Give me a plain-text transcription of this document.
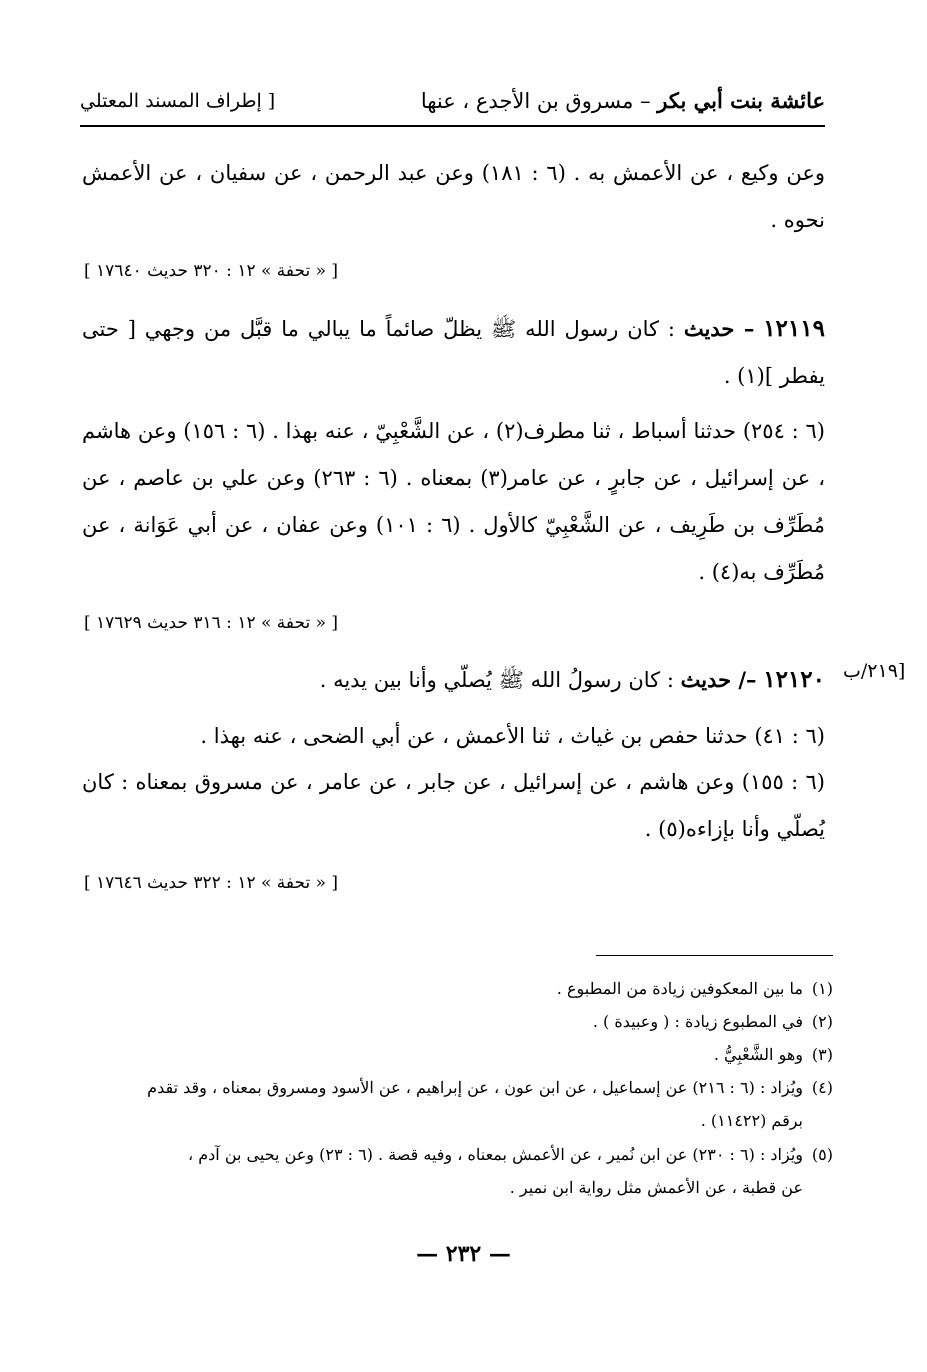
عائشة بنت أبي بكر – مسروق بن الأجدع ، عنها
[ إطراف المسند المعتلي
وعن وكيع ، عن الأعمش به . (٦ : ١٨١) وعن عبد الرحمن ، عن سفيان ، عن الأعمش نحوه .
[ « تحفة » ١٢ : ٣٢٠ حديث ١٧٦٤٠ ]
١٢١١٩ – حديث : كان رسول الله ﷺ يظلّ صائماً ما يبالي ما قبَّل من وجهي [ حتى يفطر ](١) .
(٦ : ٢٥٤) حدثنا أسباط ، ثنا مطرف(٢) ، عن الشَّعْبِيّ ، عنه بهذا . (٦ : ١٥٦) وعن هاشم ، عن إسرائيل ، عن جابرٍ ، عن عامر(٣) بمعناه . (٦ : ٢٦٣) وعن علي بن عاصم ، عن مُطَرِّف بن طَرِيف ، عن الشَّعْبِيّ كالأول . (٦ : ١٠١) وعن عفان ، عن أبي عَوَانة ، عن مُطَرِّف به(٤) .
[ « تحفة » ١٢ : ٣١٦ حديث ١٧٦٢٩ ]
[٢١٩/ب
١٢١٢٠ –/ حديث : كان رسولُ الله ﷺ يُصلّي وأنا بين يديه .
(٦ : ٤١) حدثنا حفص بن غياث ، ثنا الأعمش ، عن أبي الضحى ، عنه بهذا .
(٦ : ١٥٥) وعن هاشم ، عن إسرائيل ، عن جابر ، عن عامر ، عن مسروق بمعناه : كان يُصلّي وأنا بإزاءه(٥) .
[ « تحفة » ١٢ : ٣٢٢ حديث ١٧٦٤٦ ]
(١)ما بين المعكوفين زيادة من المطبوع .
(٢)في المطبوع زيادة : ( وعبيدة ) .
(٣)وهو الشَّعْبِيُّ .
(٤)ويُزاد : (٦ : ٢١٦) عن إسماعيل ، عن ابن عون ، عن إبراهيم ، عن الأسود ومسروق بمعناه ، وقد تقدم
برقم (١١٤٢٢) .
(٥)ويُزاد : (٦ : ٢٣٠) عن ابن نُمير ، عن الأعمش بمعناه ، وفيه قصة . (٦ : ٢٣) وعن يحيى بن آدم ،
عن قطبة ، عن الأعمش مثل رواية ابن نمير .
— ٢٣٢ —
